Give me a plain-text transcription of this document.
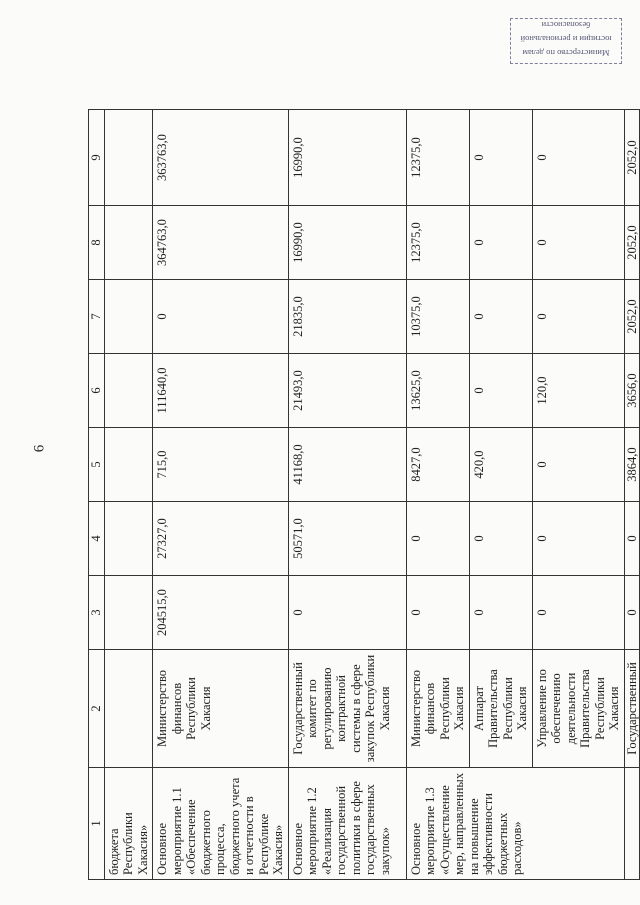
6
Министерство по делам
юстиции и региональной
безопасности
1	2	3	4	5	6	7	8	9
бюджета Республики Хакасия»								
Основное мероприятие 1.1 «Обеспечение бюджетного процесса, бюджетного учета и отчетности в Республике Хакасия»	Министерство финансов Республики Хакасия	204515,0	27327,0	715,0	111640,0	0	364763,0	363763,0
Основное мероприятие 1.2 «Реализация государственной политики в сфере государственных закупок»	Государственный комитет по регулированию контрактной системы в сфере закупок Республики Хакасия	0	50571,0	41168,0	21493,0	21835,0	16990,0	16990,0
Основное мероприятие 1.3 «Осуществление мер, направленных на повышение эффективности бюджетных расходов»	Министерство финансов Республики Хакасия	0	0	8427,0	13625,0	10375,0	12375,0	12375,0
	Аппарат Правительства Республики Хакасия	0	0	420,0	0	0	0	0
	Управление по обеспечению деятельности Правительства Республики Хакасия	0	0	0	120,0	0	0	0
	Государственный	0	0	3864,0	3656,0	2052,0	2052,0	2052,0
